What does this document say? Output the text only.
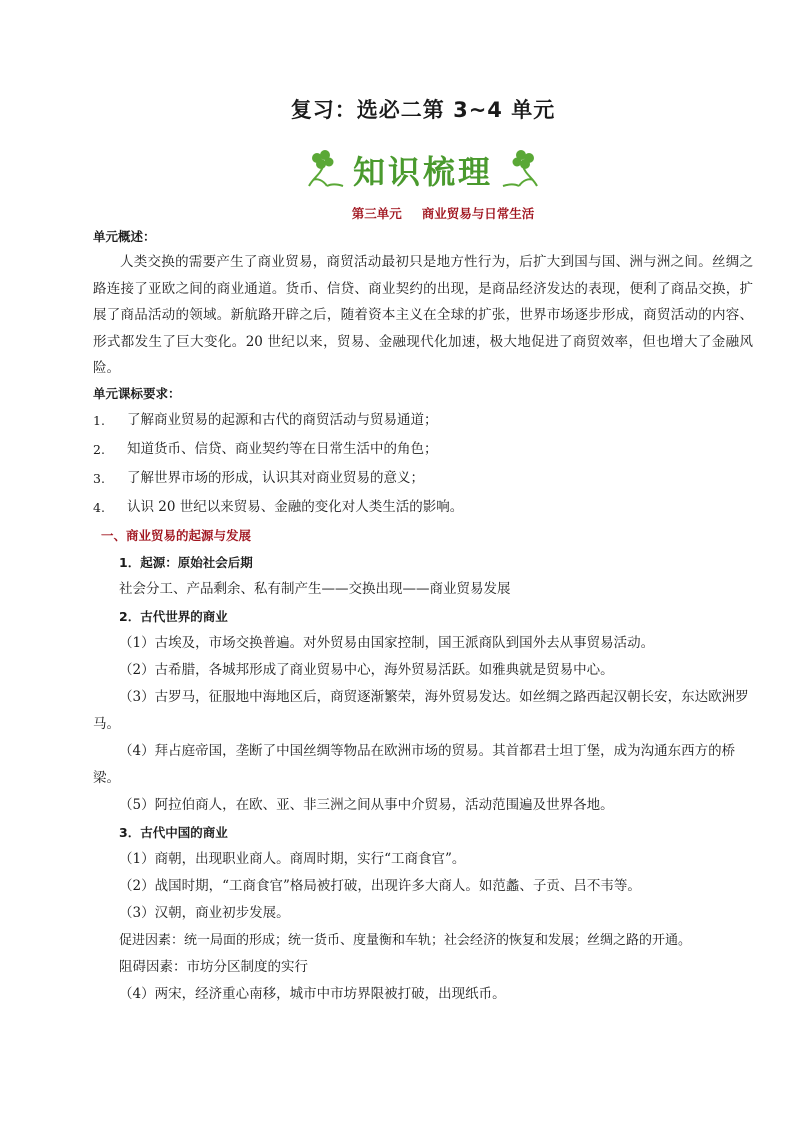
复习：选必二第 3~4 单元
知识梳理
第三单元 商业贸易与日常生活
单元概述：

人类交换的需要产生了商业贸易，商贸活动最初只是地方性行为，后扩大到国与国、洲与洲之间。丝绸之路连接了亚欧之间的商业通道。货币、信贷、商业契约的出现，是商品经济发达的表现，便利了商品交换，扩展了商品活动的领域。新航路开辟之后，随着资本主义在全球的扩张，世界市场逐步形成，商贸活动的内容、形式都发生了巨大变化。20 世纪以来，贸易、金融现代化加速，极大地促进了商贸效率，但也增大了金融风险。

单元课标要求：
1.	了解商业贸易的起源和古代的商贸活动与贸易通道；
2.	知道货币、信贷、商业契约等在日常生活中的角色；
3.	了解世界市场的形成，认识其对商业贸易的意义；
4.	认识 20 世纪以来贸易、金融的变化对人类生活的影响。
一、商业贸易的起源与发展
1．起源：原始社会后期
社会分工、产品剩余、私有制产生——交换出现——商业贸易发展
2．古代世界的商业
（1）古埃及，市场交换普遍。对外贸易由国家控制，国王派商队到国外去从事贸易活动。
（2）古希腊，各城邦形成了商业贸易中心，海外贸易活跃。如雅典就是贸易中心。
（3）古罗马，征服地中海地区后，商贸逐渐繁荣，海外贸易发达。如丝绸之路西起汉朝长安，东达欧洲罗马。
（4）拜占庭帝国，垄断了中国丝绸等物品在欧洲市场的贸易。其首都君士坦丁堡，成为沟通东西方的桥梁。
（5）阿拉伯商人，在欧、亚、非三洲之间从事中介贸易，活动范围遍及世界各地。
3．古代中国的商业
（1）商朝，出现职业商人。商周时期，实行“工商食官”。
（2）战国时期，“工商食官”格局被打破，出现许多大商人。如范蠡、子贡、吕不韦等。
（3）汉朝，商业初步发展。
促进因素：统一局面的形成；统一货币、度量衡和车轨；社会经济的恢复和发展；丝绸之路的开通。
阻碍因素：市坊分区制度的实行
（4）两宋，经济重心南移，城市中市坊界限被打破，出现纸币。
